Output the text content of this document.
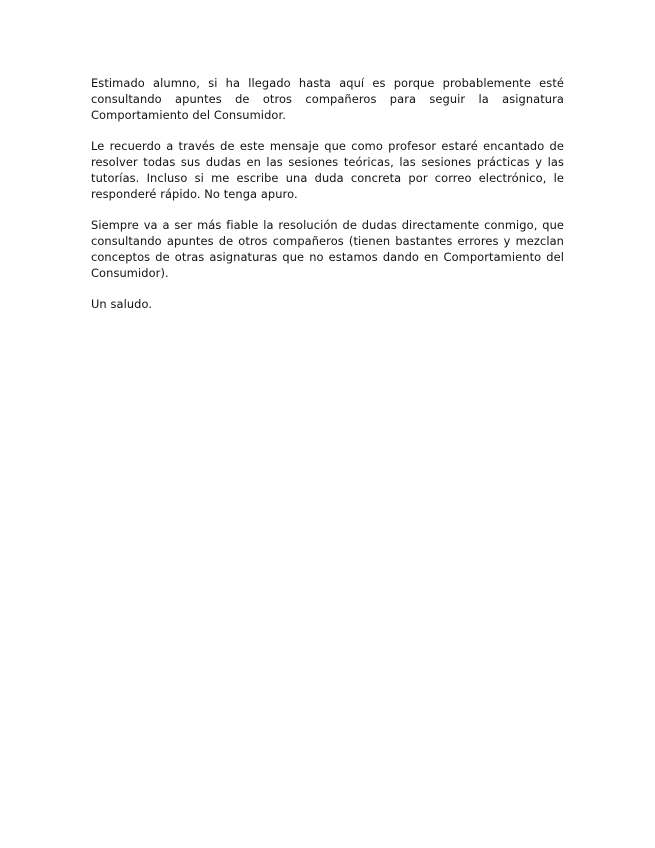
Estimado alumno, si ha llegado hasta aquí es porque probablemente esté consultando apuntes de otros compañeros para seguir la asignatura Comportamiento del Consumidor.

Le recuerdo a través de este mensaje que como profesor estaré encantado de resolver todas sus dudas en las sesiones teóricas, las sesiones prácticas y las tutorías. Incluso si me escribe una duda concreta por correo electrónico, le responderé rápido. No tenga apuro.

Siempre va a ser más fiable la resolución de dudas directamente conmigo, que consultando apuntes de otros compañeros (tienen bastantes errores y mezclan conceptos de otras asignaturas que no estamos dando en Comportamiento del Consumidor).

Un saludo.
